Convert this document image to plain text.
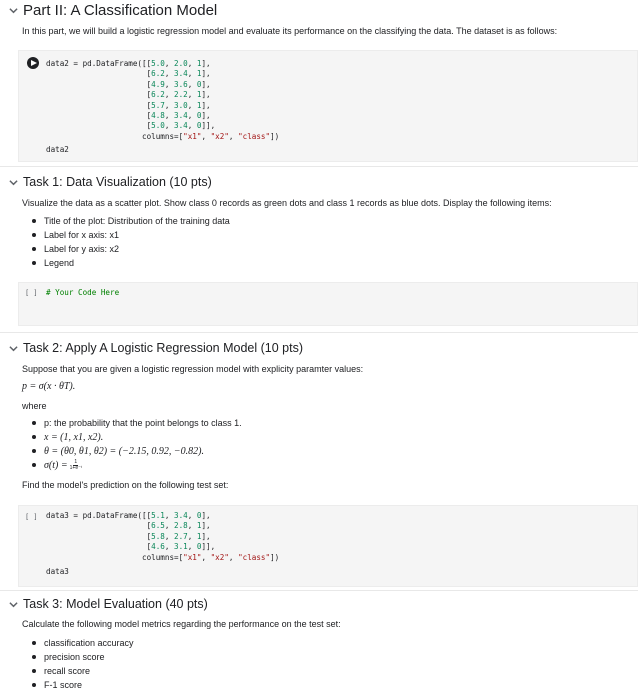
Part II: A Classification Model
In this part, we will build a logistic regression model and evaluate its performance on the classifying the data. The dataset is as follows:
data2 = pd.DataFrame([[5.0, 2.0, 1],
[6.2, 3.4, 1],
[4.9, 3.6, 0],
[6.2, 2.2, 1],
[5.7, 3.0, 1],
[4.8, 3.4, 0],
[5.0, 3.4, 0]],
columns=["x1", "x2", "class"])
data2
Task 1: Data Visualization (10 pts)
Visualize the data as a scatter plot. Show class 0 records as green dots and class 1 records as blue dots. Display the following items:
Title of the plot: Distribution of the training data
Label for x axis: x1
Label for y axis: x2
Legend
[ ] # Your Code Here
Task 2: Apply A Logistic Regression Model (10 pts)
Suppose that you are given a logistic regression model with explicity paramter values:
p = σ(x · θT).
where
p: the probability that the point belongs to class 1.
x = (1, x1, x2).
θ = (θ0, θ1, θ2) = (−2.15, 0.92, −0.82).
$\sigma(t) = \frac{1}{\text{1+e⁻ᵗ}}$
Find the model's prediction on the following test set:
[ ] data3 = pd.DataFrame([[5.1, 3.4, 0],
[6.5, 2.8, 1],
[5.8, 2.7, 1],
[4.6, 3.1, 0]],
columns=["x1", "x2", "class"])
data3
Task 3: Model Evaluation (40 pts)
Calculate the following model metrics regarding the performance on the test set:
classification accuracy
precision score
recall score
F-1 score
